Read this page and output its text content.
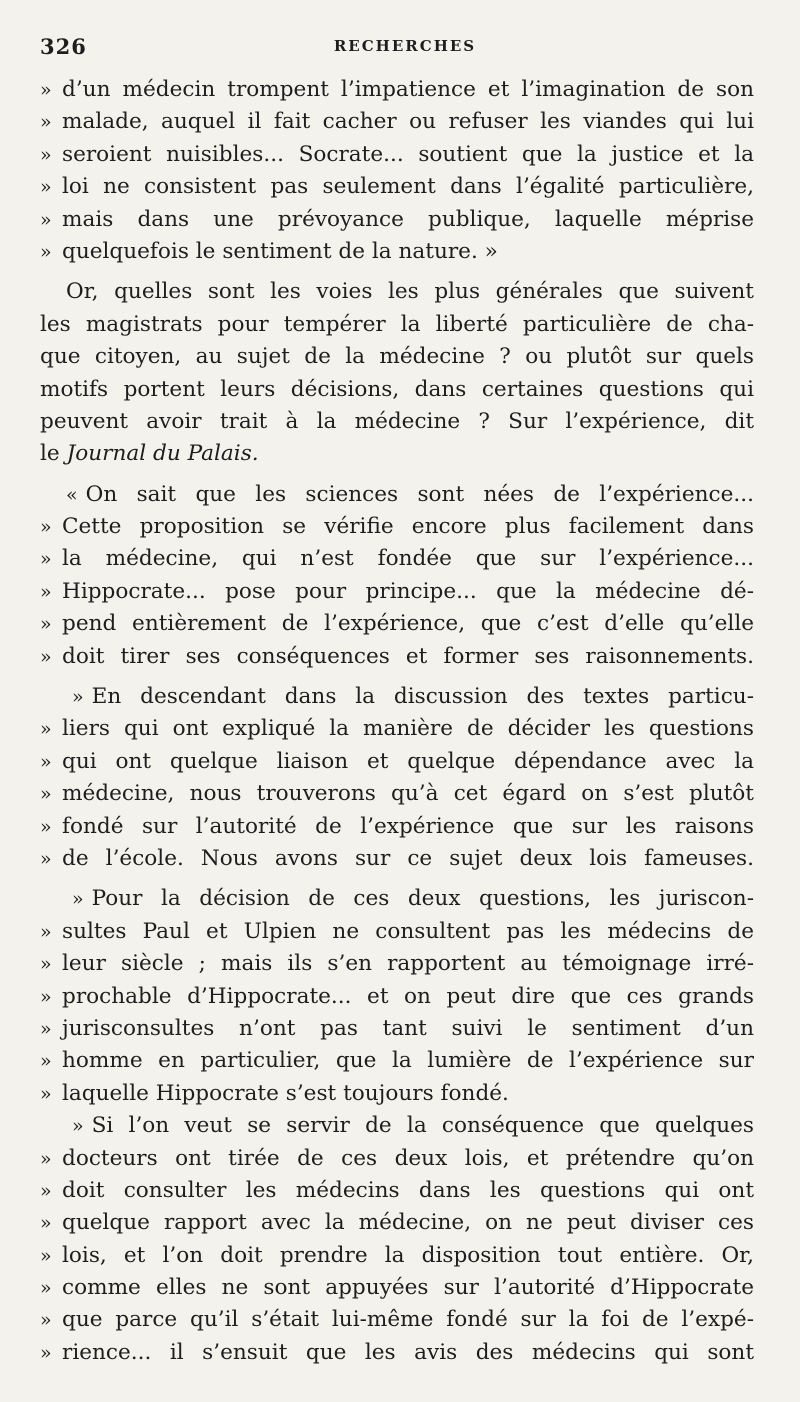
326	RECHERCHES
» d’un médecin trompent l’impatience et l’imagination de son
» malade, auquel il fait cacher ou refuser les viandes qui lui
» seroient nuisibles... Socrate... soutient que la justice et la
» loi ne consistent pas seulement dans l’égalité particulière,
» mais dans une prévoyance publique, laquelle méprise
» quelquefois le sentiment de la nature. »
Or, quelles sont les voies les plus générales que suivent
les magistrats pour tempérer la liberté particulière de cha-
que citoyen, au sujet de la médecine ? ou plutôt sur quels
motifs portent leurs décisions, dans certaines questions qui
peuvent avoir trait à la médecine ? Sur l’expérience, dit
le Journal du Palais.
« On sait que les sciences sont nées de l’expérience...
» Cette proposition se vérifie encore plus facilement dans
» la médecine, qui n’est fondée que sur l’expérience...
» Hippocrate... pose pour principe... que la médecine dé-
» pend entièrement de l’expérience, que c’est d’elle qu’elle
» doit tirer ses conséquences et former ses raisonnements.
» En descendant dans la discussion des textes particu-
» liers qui ont expliqué la manière de décider les questions
» qui ont quelque liaison et quelque dépendance avec la
» médecine, nous trouverons qu’à cet égard on s’est plutôt
» fondé sur l’autorité de l’expérience que sur les raisons
» de l’école. Nous avons sur ce sujet deux lois fameuses.
» Pour la décision de ces deux questions, les juriscon-
» sultes Paul et Ulpien ne consultent pas les médecins de
» leur siècle ; mais ils s’en rapportent au témoignage irré-
» prochable d’Hippocrate... et on peut dire que ces grands
» jurisconsultes n’ont pas tant suivi le sentiment d’un
» homme en particulier, que la lumière de l’expérience sur
» laquelle Hippocrate s’est toujours fondé.
» Si l’on veut se servir de la conséquence que quelques
» docteurs ont tirée de ces deux lois, et prétendre qu’on
» doit consulter les médecins dans les questions qui ont
» quelque rapport avec la médecine, on ne peut diviser ces
» lois, et l’on doit prendre la disposition tout entière. Or,
» comme elles ne sont appuyées sur l’autorité d’Hippocrate
» que parce qu’il s’était lui-même fondé sur la foi de l’expé-
» rience... il s’ensuit que les avis des médecins qui sont
